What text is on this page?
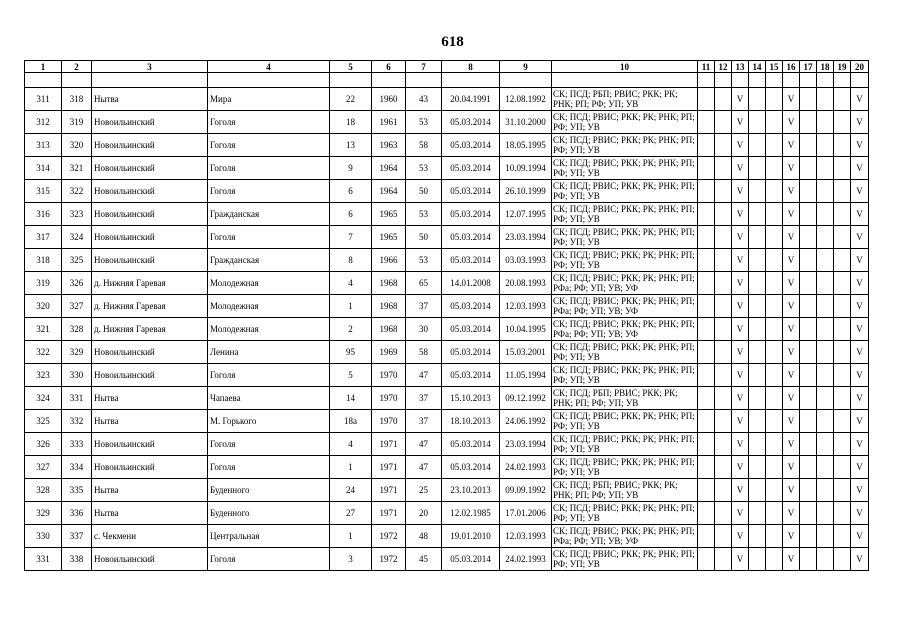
618
1	2	3	4	5	6	7	8	9	10	11	12	13	14	15	16	17	18	19	20

311	318	Нытва	Мира	22	1960	43	20.04.1991	12.08.1992	СК; ПСД; РБП; РВИС; РКК; РК; РНК; РП; РФ; УП; УВ			V			V				V
312	319	Новоильинский	Гоголя	18	1961	53	05.03.2014	31.10.2000	СК; ПСД; РВИС; РКК; РК; РНК; РП; РФ; УП; УВ			V			V				V
313	320	Новоильинский	Гоголя	13	1963	58	05.03.2014	18.05.1995	СК; ПСД; РВИС; РКК; РК; РНК; РП; РФ; УП; УВ			V			V				V
314	321	Новоильинский	Гоголя	9	1964	53	05.03.2014	10.09.1994	СК; ПСД; РВИС; РКК; РК; РНК; РП; РФ; УП; УВ			V			V				V
315	322	Новоильинский	Гоголя	6	1964	50	05.03.2014	26.10.1999	СК; ПСД; РВИС; РКК; РК; РНК; РП; РФ; УП; УВ			V			V				V
316	323	Новоильинский	Гражданская	6	1965	53	05.03.2014	12.07.1995	СК; ПСД; РВИС; РКК; РК; РНК; РП; РФ; УП; УВ			V			V				V
317	324	Новоильинский	Гоголя	7	1965	50	05.03.2014	23.03.1994	СК; ПСД; РВИС; РКК; РК; РНК; РП; РФ; УП; УВ			V			V				V
318	325	Новоильинский	Гражданская	8	1966	53	05.03.2014	03.03.1993	СК; ПСД; РВИС; РКК; РК; РНК; РП; РФ; УП; УВ			V			V				V
319	326	д. Нижняя Гаревая	Молодежная	4	1968	65	14.01.2008	20.08.1993	СК; ПСД; РВИС; РКК; РК; РНК; РП; РФа; РФ; УП; УВ; УФ			V			V				V
320	327	д. Нижняя Гаревая	Молодежная	1	1968	37	05.03.2014	12.03.1993	СК; ПСД; РВИС; РКК; РК; РНК; РП; РФа; РФ; УП; УВ; УФ			V			V				V
321	328	д. Нижняя Гаревая	Молодежная	2	1968	30	05.03.2014	10.04.1995	СК; ПСД; РВИС; РКК; РК; РНК; РП; РФа; РФ; УП; УВ; УФ			V			V				V
322	329	Новоильинский	Ленина	95	1969	58	05.03.2014	15.03.2001	СК; ПСД; РВИС; РКК; РК; РНК; РП; РФ; УП; УВ			V			V				V
323	330	Новоильинский	Гоголя	5	1970	47	05.03.2014	11.05.1994	СК; ПСД; РВИС; РКК; РК; РНК; РП; РФ; УП; УВ			V			V				V
324	331	Нытва	Чапаева	14	1970	37	15.10.2013	09.12.1992	СК; ПСД; РБП; РВИС; РКК; РК; РНК; РП; РФ; УП; УВ			V			V				V
325	332	Нытва	М. Горького	18а	1970	37	18.10.2013	24.06.1992	СК; ПСД; РВИС; РКК; РК; РНК; РП; РФ; УП; УВ			V			V				V
326	333	Новоильинский	Гоголя	4	1971	47	05.03.2014	23.03.1994	СК; ПСД; РВИС; РКК; РК; РНК; РП; РФ; УП; УВ			V			V				V
327	334	Новоильинский	Гоголя	1	1971	47	05.03.2014	24.02.1993	СК; ПСД; РВИС; РКК; РК; РНК; РП; РФ; УП; УВ			V			V				V
328	335	Нытва	Буденного	24	1971	25	23.10.2013	09.09.1992	СК; ПСД; РБП; РВИС; РКК; РК; РНК; РП; РФ; УП; УВ			V			V				V
329	336	Нытва	Буденного	27	1971	20	12.02.1985	17.01.2006	СК; ПСД; РВИС; РКК; РК; РНК; РП; РФ; УП; УВ			V			V				V
330	337	с. Чекмени	Центральная	1	1972	48	19.01.2010	12.03.1993	СК; ПСД; РВИС; РКК; РК; РНК; РП; РФа; РФ; УП; УВ; УФ			V			V				V
331	338	Новоильинский	Гоголя	3	1972	45	05.03.2014	24.02.1993	СК; ПСД; РВИС; РКК; РК; РНК; РП; РФ; УП; УВ			V			V				V
